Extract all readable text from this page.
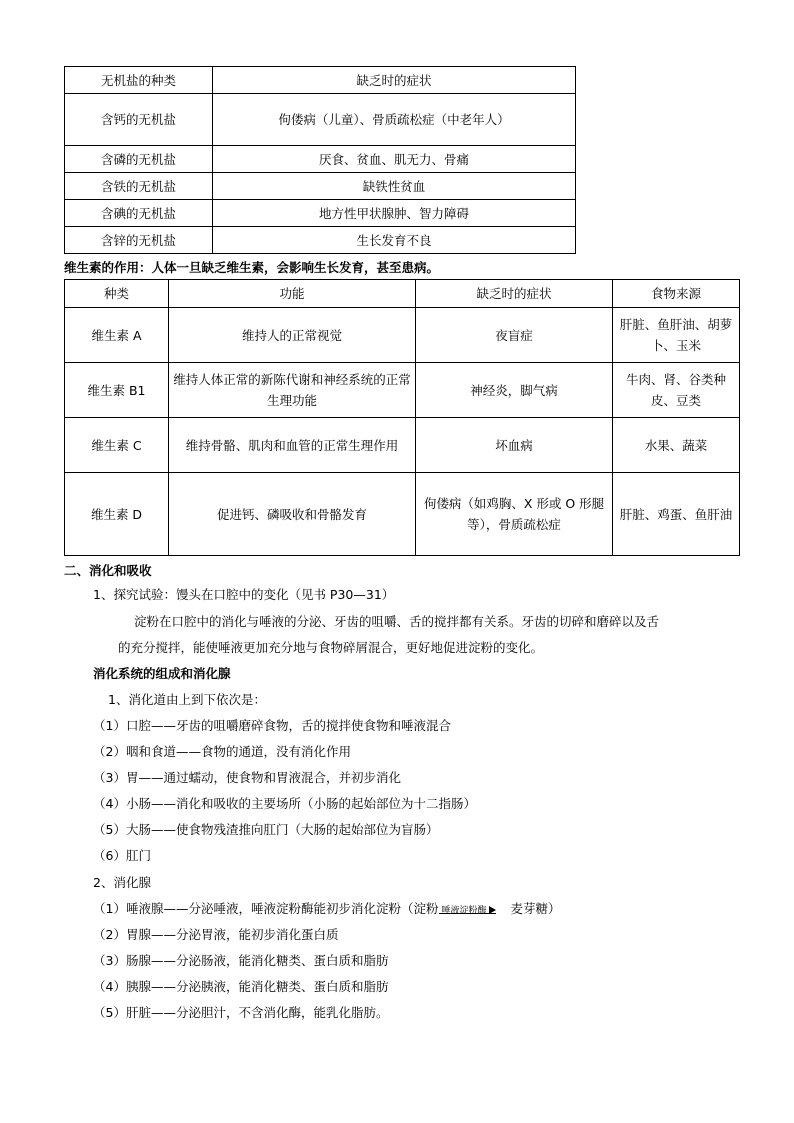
无机盐的种类	缺乏时的症状
含钙的无机盐	佝偻病（儿童）、骨质疏松症（中老年人）
含磷的无机盐	厌食、贫血、肌无力、骨痛
含铁的无机盐	缺铁性贫血
含碘的无机盐	地方性甲状腺肿、智力障碍
含锌的无机盐	生长发育不良
维生素的作用：人体一旦缺乏维生素，会影响生长发育，甚至患病。
种类	功能	缺乏时的症状	食物来源
维生素 A	维持人的正常视觉	夜盲症	肝脏、鱼肝油、胡萝卜、玉米
维生素 B1	维持人体正常的新陈代谢和神经系统的正常生理功能	神经炎，脚气病	牛肉、肾、谷类种皮、豆类
维生素 C	维持骨骼、肌肉和血管的正常生理作用	坏血病	水果、蔬菜
维生素 D	促进钙、磷吸收和骨骼发育	佝偻病（如鸡胸、X 形或 O 形腿等），骨质疏松症	肝脏、鸡蛋、鱼肝油
二、消化和吸收
1、探究试验：馒头在口腔中的变化（见书 P30—31）
淀粉在口腔中的消化与唾液的分泌、牙齿的咀嚼、舌的搅拌都有关系。牙齿的切碎和磨碎以及舌
的充分搅拌，能使唾液更加充分地与食物碎屑混合，更好地促进淀粉的变化。
消化系统的组成和消化腺
1、消化道由上到下依次是：
（1）口腔——牙齿的咀嚼磨碎食物，舌的搅拌使食物和唾液混合
（2）咽和食道——食物的通道，没有消化作用
（3）胃——通过蠕动，使食物和胃液混合，并初步消化
（4）小肠——消化和吸收的主要场所（小肠的起始部位为十二指肠）
（5）大肠——使食物残渣推向肛门（大肠的起始部位为盲肠）
（6）肛门
2、消化腺
（1）唾液腺——分泌唾液，唾液淀粉酶能初步消化淀粉（淀粉 唾液淀粉酶 麦芽糖）
（2）胃腺——分泌胃液，能初步消化蛋白质
（3）肠腺——分泌肠液，能消化糖类、蛋白质和脂肪
（4）胰腺——分泌胰液，能消化糖类、蛋白质和脂肪
（5）肝脏——分泌胆汁，不含消化酶，能乳化脂肪。
